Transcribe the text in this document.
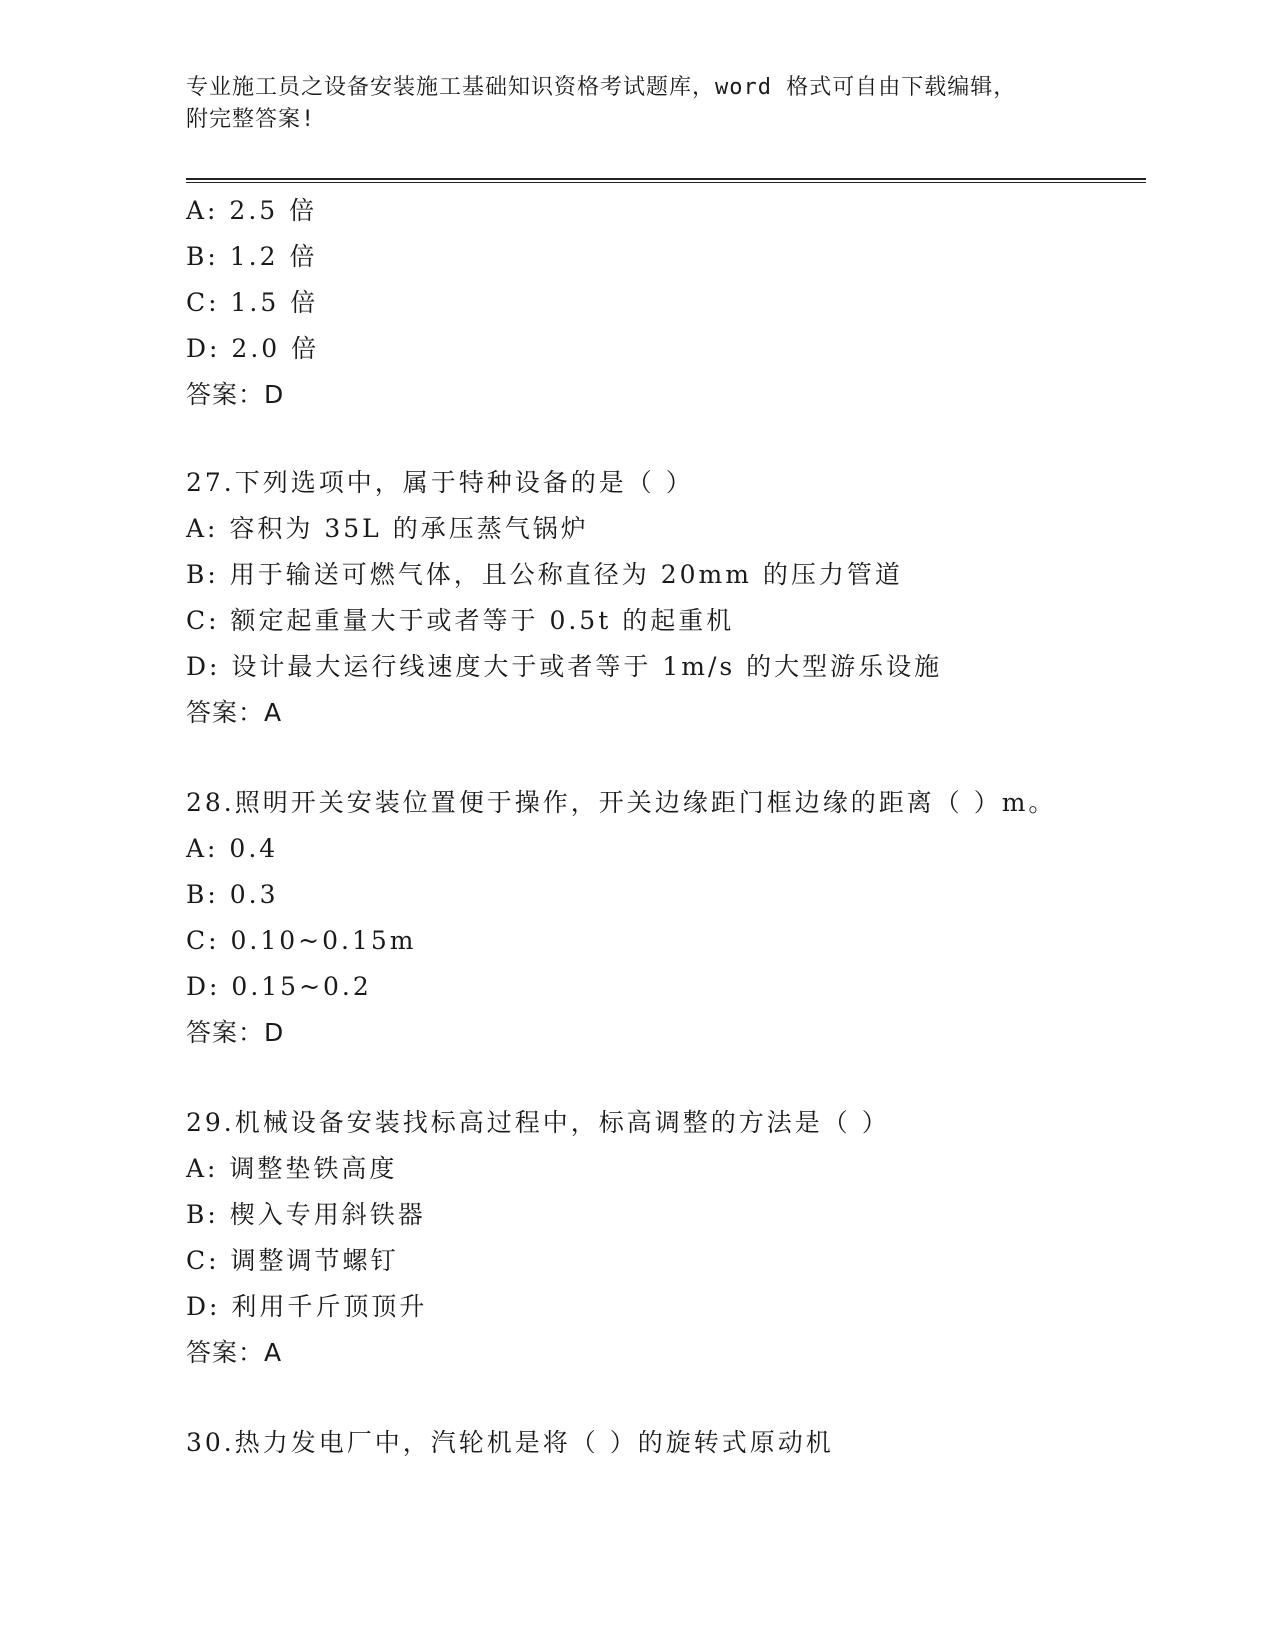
专业施工员之设备安装施工基础知识资格考试题库，word 格式可自由下载编辑，
附完整答案!
A: 2.5 倍
B: 1.2 倍
C: 1.5 倍
D: 2.0 倍
答案：D
27.下列选项中，属于特种设备的是（ ）
A: 容积为 35L 的承压蒸气锅炉
B: 用于输送可燃气体，且公称直径为 20mm 的压力管道
C: 额定起重量大于或者等于 0.5t 的起重机
D: 设计最大运行线速度大于或者等于 1m/s 的大型游乐设施
答案：A
28.照明开关安装位置便于操作，开关边缘距门框边缘的距离（ ）m。
A: 0.4
B: 0.3
C: 0.10~0.15m
D: 0.15~0.2
答案：D
29.机械设备安装找标高过程中，标高调整的方法是（ ）
A: 调整垫铁高度
B: 楔入专用斜铁器
C: 调整调节螺钉
D: 利用千斤顶顶升
答案：A
30.热力发电厂中，汽轮机是将（ ）的旋转式原动机
